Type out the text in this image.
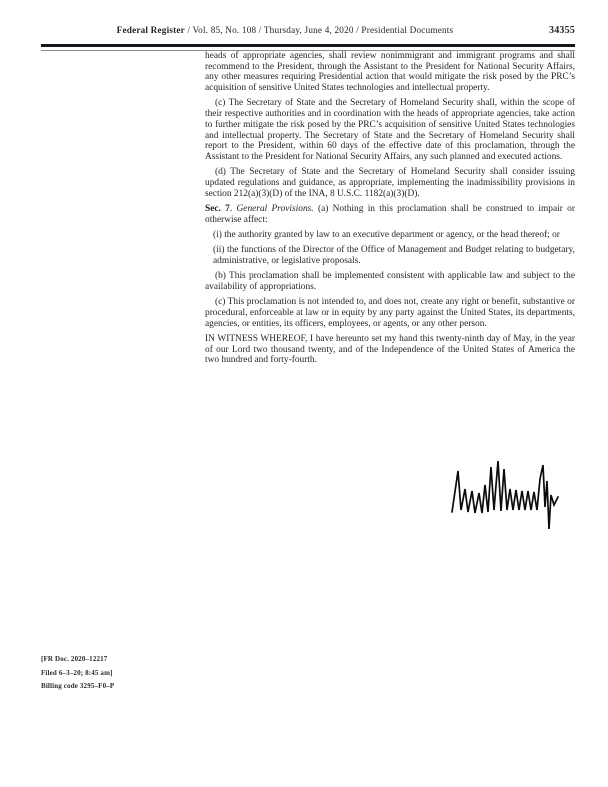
Federal Register / Vol. 85, No. 108 / Thursday, June 4, 2020 / Presidential Documents	34355

heads of appropriate agencies, shall review nonimmigrant and immigrant programs and shall recommend to the President, through the Assistant to the President for National Security Affairs, any other measures requiring Presidential action that would mitigate the risk posed by the PRC’s acquisition of sensitive United States technologies and intellectual property.

(c) The Secretary of State and the Secretary of Homeland Security shall, within the scope of their respective authorities and in coordination with the heads of appropriate agencies, take action to further mitigate the risk posed by the PRC’s acquisition of sensitive United States technologies and intellectual property. The Secretary of State and the Secretary of Homeland Security shall report to the President, within 60 days of the effective date of this proclamation, through the Assistant to the President for National Security Affairs, any such planned and executed actions.

(d) The Secretary of State and the Secretary of Homeland Security shall consider issuing updated regulations and guidance, as appropriate, implementing the inadmissibility provisions in section 212(a)(3)(D) of the INA, 8 U.S.C. 1182(a)(3)(D).

Sec. 7. General Provisions. (a) Nothing in this proclamation shall be construed to impair or otherwise affect:

(i) the authority granted by law to an executive department or agency, or the head thereof; or

(ii) the functions of the Director of the Office of Management and Budget relating to budgetary, administrative, or legislative proposals.

(b) This proclamation shall be implemented consistent with applicable law and subject to the availability of appropriations.

(c) This proclamation is not intended to, and does not, create any right or benefit, substantive or procedural, enforceable at law or in equity by any party against the United States, its departments, agencies, or entities, its officers, employees, or agents, or any other person.

IN WITNESS WHEREOF, I have hereunto set my hand this twenty-ninth day of May, in the year of our Lord two thousand twenty, and of the Independence of the United States of America the two hundred and forty-fourth.

[FR Doc. 2020–12217
Filed 6–3–20; 8:45 am]
Billing code 3295–F0–P
